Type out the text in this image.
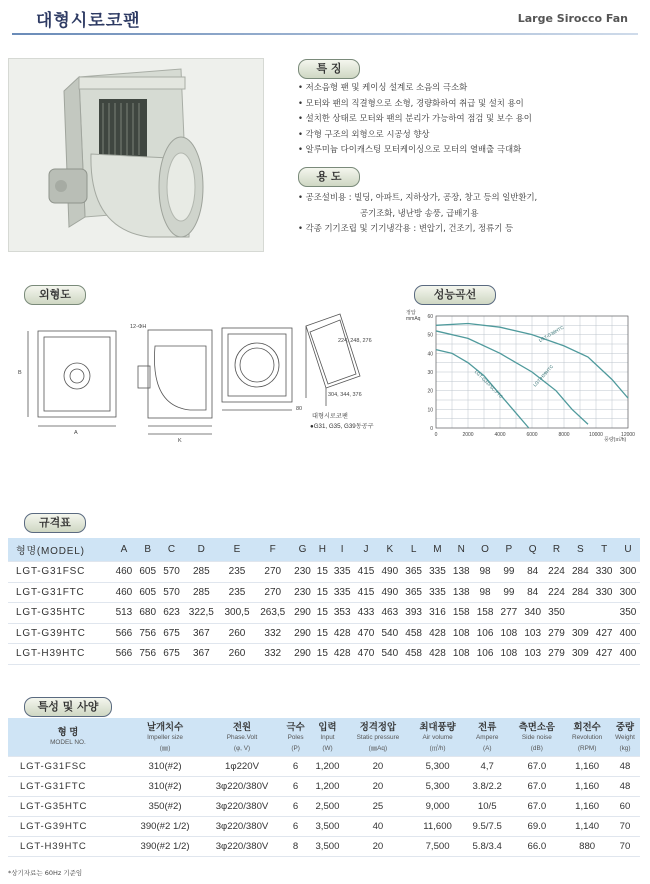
대형시로코팬	Large Sirocco Fan
특 징
• 저소음형 팬 및 케이싱 설계로 소음의 극소화
• 모터와 팬의 직결형으로 소형, 경량화하여 취급 및 설치 용이
• 설치한 상태로 모터와 팬의 분리가 가능하여 점검 및 보수 용이
• 각형 구조의 외형으로 시공성 향상
• 알루미늄 다이캐스팅 모터케이싱으로 모터의 열배출 극대화
용 도
• 공조설비용 : 빌딩, 아파트, 지하상가, 공장, 창고 등의 일반환기,
공기조화, 냉난방 송풍, 급배기용
• 각종 기기조립 및 기기냉각용 : 변압기, 건조기, 정류기 등
외형도
B
A
K
12-ΦH
224, 248, 276
304, 344, 376
80
대형시로코팬
●G31, G35, G39동공구
성능곡선
정압
mmAq
풍량(㎥/h)
0	2000	4000	6000	8000	10000	12000
0
10
20
30
40
50
60
LGT-G39HTC
LGT-G31FSC,FTC	LGT-H39HTC
규격표
형명(MODEL)	A	B	C	D	E	F	G	H	I	J	K	L	M	N	O	P	Q	R	S	T	U
LGT-G31FSC	460	605	570	285	235	270	230	15	335	415	490	365	335	138	98	99	84	224	284	330	300
LGT-G31FTC	460	605	570	285	235	270	230	15	335	415	490	365	335	138	98	99	84	224	284	330	300
LGT-G35HTC	513	680	623	322,5	300,5	263,5	290	15	353	433	463	393	316	158	158	277	340	350			350
LGT-G39HTC	566	756	675	367	260	332	290	15	428	470	540	458	428	108	106	108	103	279	309	427	400
LGT-H39HTC	566	756	675	367	260	332	290	15	428	470	540	458	428	108	106	108	103	279	309	427	400
특성 및 사양
형 명
MODEL NO.	날개치수
Impeller size
(㎜)	전원
Phase.Volt
(φ, V)	극수
Poles
(P)	입력
Input
(W)	정격정압
Static pressure
(㎜Aq)	최대풍량
Air volume
(㎥/h)	전류
Ampere
(A)	측면소음
Side noise
(dB)	회전수
Revolution
(RPM)	중량
Weight
(kg)

LGT-G31FSC	310(#2)	1φ220V	6	1,200	20	5,300	4,7	67.0	1,160	48
LGT-G31FTC	310(#2)	3φ220/380V	6	1,200	20	5,300	3.8/2.2	67.0	1,160	48
LGT-G35HTC	350(#2)	3φ220/380V	6	2,500	25	9,000	10/5	67.0	1,160	60
LGT-G39HTC	390(#2 1/2)	3φ220/380V	6	3,500	40	11,600	9.5/7.5	69.0	1,140	70
LGT-H39HTC	390(#2 1/2)	3φ220/380V	8	3,500	20	7,500	5.8/3.4	66.0	880	70
*상기자료는 60Hz 기준임
